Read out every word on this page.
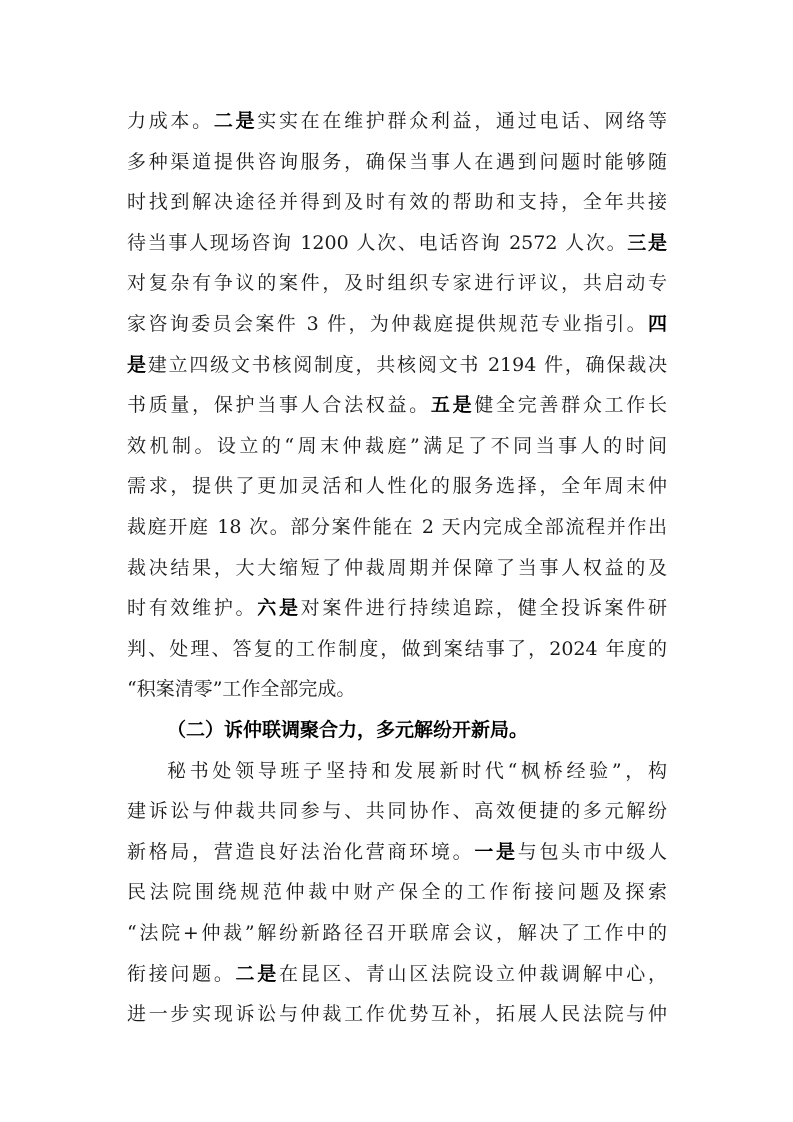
力成本。二是实实在在维护群众利益，通过电话、网络等
多种渠道提供咨询服务，确保当事人在遇到问题时能够随
时找到解决途径并得到及时有效的帮助和支持，全年共接
待当事人现场咨询 1200 人次、电话咨询 2572 人次。三是
对复杂有争议的案件，及时组织专家进行评议，共启动专
家咨询委员会案件 3 件，为仲裁庭提供规范专业指引。四
是建立四级文书核阅制度，共核阅文书 2194 件，确保裁决
书质量，保护当事人合法权益。五是健全完善群众工作长
效机制。设立的“周末仲裁庭”满足了不同当事人的时间
需求，提供了更加灵活和人性化的服务选择，全年周末仲
裁庭开庭 18 次。部分案件能在 2 天内完成全部流程并作出
裁决结果，大大缩短了仲裁周期并保障了当事人权益的及
时有效维护。六是对案件进行持续追踪，健全投诉案件研
判、处理、答复的工作制度，做到案结事了，2024 年度的
“积案清零”工作全部完成。
（二）诉仲联调聚合力，多元解纷开新局。
秘书处领导班子坚持和发展新时代“枫桥经验”，构
建诉讼与仲裁共同参与、共同协作、高效便捷的多元解纷
新格局，营造良好法治化营商环境。一是与包头市中级人
民法院围绕规范仲裁中财产保全的工作衔接问题及探索
“法院+仲裁”解纷新路径召开联席会议，解决了工作中的
衔接问题。二是在昆区、青山区法院设立仲裁调解中心，
进一步实现诉讼与仲裁工作优势互补，拓展人民法院与仲
